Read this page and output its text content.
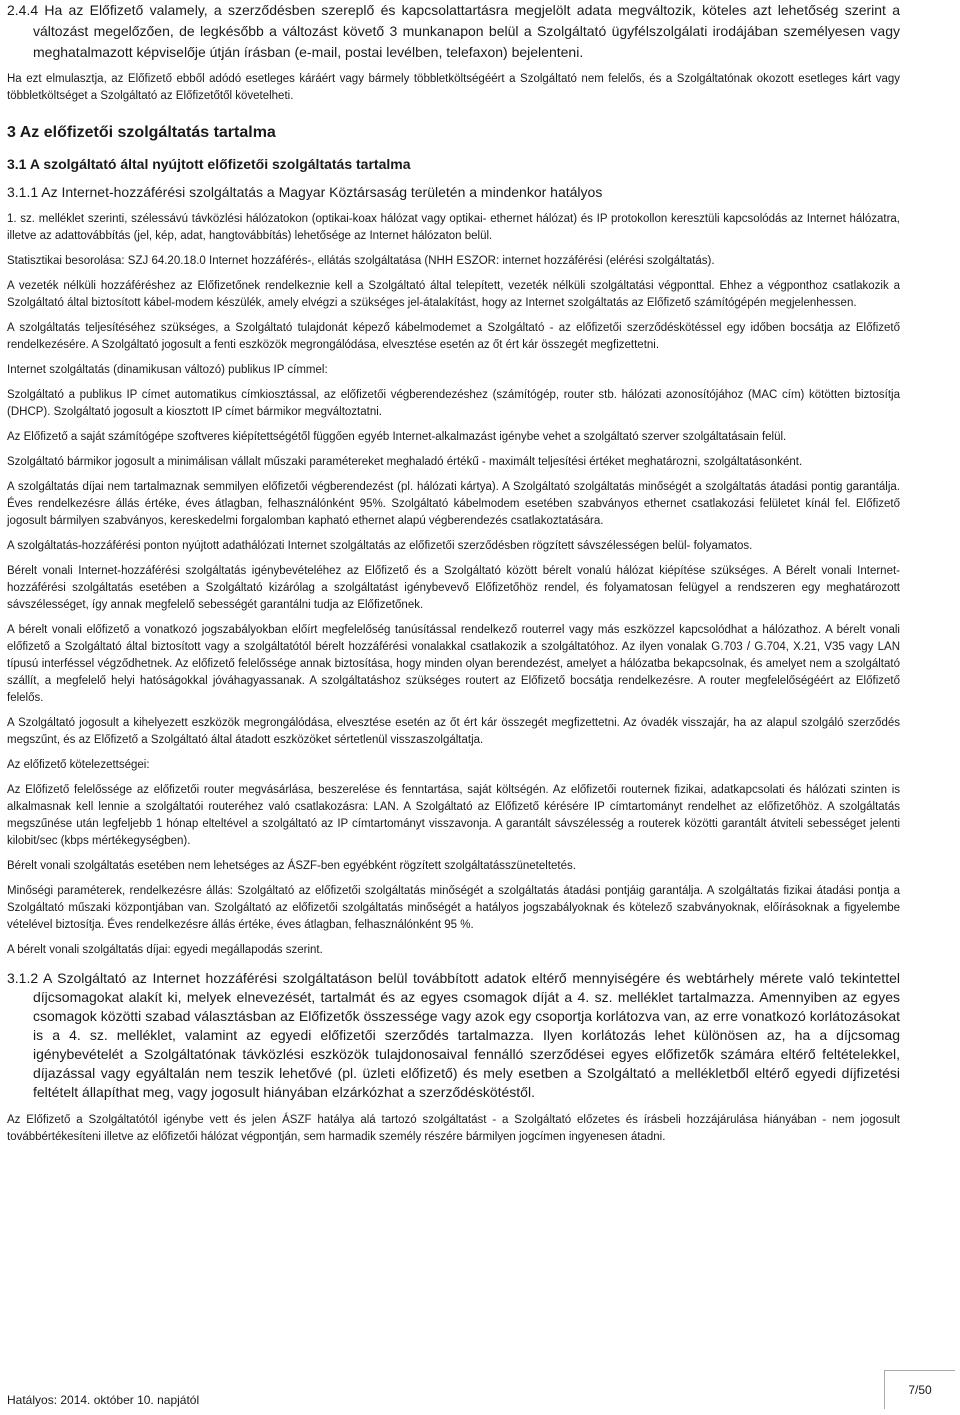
2.4.4 Ha az Előfizető valamely, a szerződésben szereplő és kapcsolattartásra megjelölt adata megváltozik, köteles azt lehetőség szerint a változást megelőzően, de legkésőbb a változást követő 3 munkanapon belül a Szolgáltató ügyfélszolgálati irodájában személyesen vagy meghatalmazott képviselője útján írásban (e-mail, postai levélben, telefaxon) bejelenteni.

Ha ezt elmulasztja, az Előfizető ebből adódó esetleges káráért vagy bármely többletköltségéért a Szolgáltató nem felelős, és a Szolgáltatónak okozott esetleges kárt vagy többletköltséget a Szolgáltató az Előfizetőtől követelheti.

3 Az előfizetői szolgáltatás tartalma
3.1 A szolgáltató által nyújtott előfizetői szolgáltatás tartalma
3.1.1 Az Internet-hozzáférési szolgáltatás a Magyar Köztársaság területén a mindenkor hatályos

1. sz. melléklet szerinti, szélessávú távközlési hálózatokon (optikai-koax hálózat vagy optikai- ethernet hálózat) és IP protokollon keresztüli kapcsolódás az Internet hálózatra, illetve az adattovábbítás (jel, kép, adat, hangtovábbítás) lehetősége az Internet hálózaton belül.

Statisztikai besorolása: SZJ 64.20.18.0 Internet hozzáférés-, ellátás szolgáltatása (NHH ESZOR: internet hozzáférési (elérési szolgáltatás).

A vezeték nélküli hozzáféréshez az Előfizetőnek rendelkeznie kell a Szolgáltató által telepített, vezeték nélküli szolgáltatási végponttal. Ehhez a végponthoz csatlakozik a Szolgáltató által biztosított kábel-modem készülék, amely elvégzi a szükséges jel-átalakítást, hogy az Internet szolgáltatás az Előfizető számítógépén megjelenhessen.

A szolgáltatás teljesítéséhez szükséges, a Szolgáltató tulajdonát képező kábelmodemet a Szolgáltató - az előfizetői szerződéskötéssel egy időben bocsátja az Előfizető rendelkezésére. A Szolgáltató jogosult a fenti eszközök megrongálódása, elvesztése esetén az őt ért kár összegét megfizettetni.

Internet szolgáltatás (dinamikusan változó) publikus IP címmel:

Szolgáltató a publikus IP címet automatikus címkiosztással, az előfizetői végberendezéshez (számítógép, router stb. hálózati azonosítójához (MAC cím) kötötten biztosítja (DHCP). Szolgáltató jogosult a kiosztott IP címet bármikor megváltoztatni.

Az Előfizető a saját számítógépe szoftveres kiépítettségétől függően egyéb Internet-alkalmazást igénybe vehet a szolgáltató szerver szolgáltatásain felül.

Szolgáltató bármikor jogosult a minimálisan vállalt műszaki paramétereket meghaladó értékű - maximált teljesítési értéket meghatározni, szolgáltatásonként.

A szolgáltatás díjai nem tartalmaznak semmilyen előfizetői végberendezést (pl. hálózati kártya). A Szolgáltató szolgáltatás minőségét a szolgáltatás átadási pontig garantálja. Éves rendelkezésre állás értéke, éves átlagban, felhasználónként 95%. Szolgáltató kábelmodem esetében szabványos ethernet csatlakozási felületet kínál fel. Előfizető jogosult bármilyen szabványos, kereskedelmi forgalomban kapható ethernet alapú végberendezés csatlakoztatására.

A szolgáltatás-hozzáférési ponton nyújtott adathálózati Internet szolgáltatás az előfizetői szerződésben rögzített sávszélességen belül- folyamatos.

Bérelt vonali Internet-hozzáférési szolgáltatás igénybevételéhez az Előfizető és a Szolgáltató között bérelt vonalú hálózat kiépítése szükséges. A Bérelt vonali Internet-hozzáférési szolgáltatás esetében a Szolgáltató kizárólag a szolgáltatást igénybevevő Előfizetőhöz rendel, és folyamatosan felügyel a rendszeren egy meghatározott sávszélességet, így annak megfelelő sebességét garantálni tudja az Előfizetőnek.

A bérelt vonali előfizető a vonatkozó jogszabályokban előírt megfelelőség tanúsítással rendelkező routerrel vagy más eszközzel kapcsolódhat a hálózathoz. A bérelt vonali előfizető a Szolgáltató által biztosított vagy a szolgáltatótól bérelt hozzáférési vonalakkal csatlakozik a szolgáltatóhoz. Az ilyen vonalak G.703 / G.704, X.21, V35 vagy LAN típusú interféssel végződhetnek. Az előfizető felelőssége annak biztosítása, hogy minden olyan berendezést, amelyet a hálózatba bekapcsolnak, és amelyet nem a szolgáltató szállít, a megfelelő helyi hatóságokkal jóváhagyassanak. A szolgáltatáshoz szükséges routert az Előfizető bocsátja rendelkezésre. A router megfelelőségéért az Előfizető felelős.

A Szolgáltató jogosult a kihelyezett eszközök megrongálódása, elvesztése esetén az őt ért kár összegét megfizettetni. Az óvadék visszajár, ha az alapul szolgáló szerződés megszűnt, és az Előfizető a Szolgáltató által átadott eszközöket sértetlenül visszaszolgáltatja.

Az előfizető kötelezettségei:

Az Előfizető felelőssége az előfizetői router megvásárlása, beszerelése és fenntartása, saját költségén. Az előfizetői routernek fizikai, adatkapcsolati és hálózati szinten is alkalmasnak kell lennie a szolgáltatói routeréhez való csatlakozásra: LAN. A Szolgáltató az Előfizető kérésére IP címtartományt rendelhet az előfizetőhöz. A szolgáltatás megszűnése után legfeljebb 1 hónap elteltével a szolgáltató az IP címtartományt visszavonja. A garantált sávszélesség a routerek közötti garantált átviteli sebességet jelenti kilobit/sec (kbps mértékegységben).

Bérelt vonali szolgáltatás esetében nem lehetséges az ÁSZF-ben egyébként rögzített szolgáltatásszüneteltetés.

Minőségi paraméterek, rendelkezésre állás: Szolgáltató az előfizetői szolgáltatás minőségét a szolgáltatás átadási pontjáig garantálja. A szolgáltatás fizikai átadási pontja a Szolgáltató műszaki központjában van. Szolgáltató az előfizetői szolgáltatás minőségét a hatályos jogszabályoknak és kötelező szabványoknak, előírásoknak a figyelembe vételével biztosítja. Éves rendelkezésre állás értéke, éves átlagban, felhasználónként 95 %.

A bérelt vonali szolgáltatás díjai: egyedi megállapodás szerint.

3.1.2 A Szolgáltató az Internet hozzáférési szolgáltatáson belül továbbított adatok eltérő mennyiségére és webtárhely mérete való tekintettel díjcsomagokat alakít ki, melyek elnevezését, tartalmát és az egyes csomagok díját a 4. sz. melléklet tartalmazza. Amennyiben az egyes csomagok közötti szabad választásban az Előfizetők összessége vagy azok egy csoportja korlátozva van, az erre vonatkozó korlátozásokat is a 4. sz. melléklet, valamint az egyedi előfizetői szerződés tartalmazza. Ilyen korlátozás lehet különösen az, ha a díjcsomag igénybevételét a Szolgáltatónak távközlési eszközök tulajdonosaival fennálló szerződései egyes előfizetők számára eltérő feltételekkel, díjazással vagy egyáltalán nem teszik lehetővé (pl. üzleti előfizető) és mely esetben a Szolgáltató a mellékletből eltérő egyedi díjfizetési feltételt állapíthat meg, vagy jogosult hiányában elzárkózhat a szerződéskötéstől.

Az Előfizető a Szolgáltatótól igénybe vett és jelen ÁSZF hatálya alá tartozó szolgáltatást - a Szolgáltató előzetes és írásbeli hozzájárulása hiányában - nem jogosult továbbértékesíteni illetve az előfizetői hálózat végpontján, sem harmadik személy részére bármilyen jogcímen ingyenesen átadni.

Hatályos: 2014. október 10. napjától
7/50
